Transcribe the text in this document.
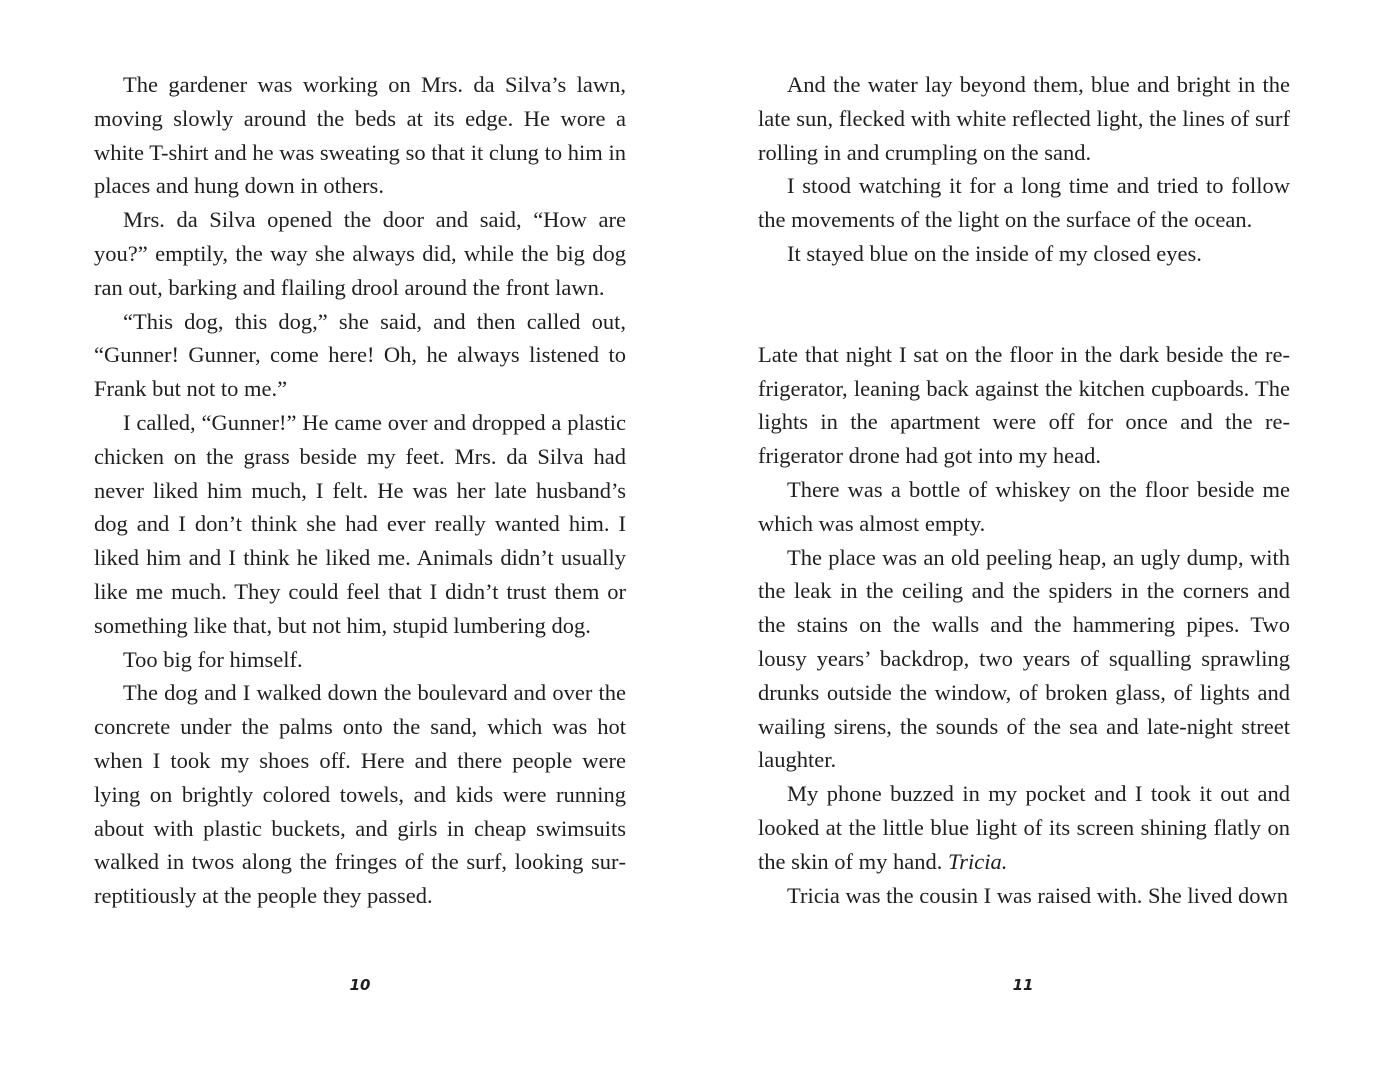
The gardener was working on Mrs. da Silva’s lawn, moving slowly around the beds at its edge. He wore a white T-shirt and he was sweating so that it clung to him in places and hung down in others.

Mrs. da Silva opened the door and said, “How are you?” emptily, the way she always did, while the big dog ran out, barking and flailing drool around the front lawn.

“This dog, this dog,” she said, and then called out, “Gunner! Gunner, come here! Oh, he always listened to Frank but not to me.”

I called, “Gunner!” He came over and dropped a plastic chicken on the grass beside my feet. Mrs. da Silva had never liked him much, I felt. He was her late husband’s dog and I don’t think she had ever really wanted him. I liked him and I think he liked me. Animals didn’t usually like me much. They could feel that I didn’t trust them or something like that, but not him, stupid lumbering dog.

Too big for himself.

The dog and I walked down the boulevard and over the concrete under the palms onto the sand, which was hot when I took my shoes off. Here and there people were lying on brightly colored towels, and kids were running about with plastic buckets, and girls in cheap swimsuits walked in twos along the fringes of the surf, looking surreptitiously at the people they passed.

10

And the water lay beyond them, blue and bright in the late sun, flecked with white reflected light, the lines of surf rolling in and crumpling on the sand.

I stood watching it for a long time and tried to follow the movements of the light on the surface of the ocean.

It stayed blue on the inside of my closed eyes.

Late that night I sat on the floor in the dark beside the refrigerator, leaning back against the kitchen cupboards. The lights in the apartment were off for once and the refrigerator drone had got into my head.

There was a bottle of whiskey on the floor beside me which was almost empty.

The place was an old peeling heap, an ugly dump, with the leak in the ceiling and the spiders in the corners and the stains on the walls and the hammering pipes. Two lousy years’ backdrop, two years of squalling sprawling drunks outside the window, of broken glass, of lights and wailing sirens, the sounds of the sea and late-night street laughter.

My phone buzzed in my pocket and I took it out and looked at the little blue light of its screen shining flatly on the skin of my hand. Tricia.

Tricia was the cousin I was raised with. She lived down

11
